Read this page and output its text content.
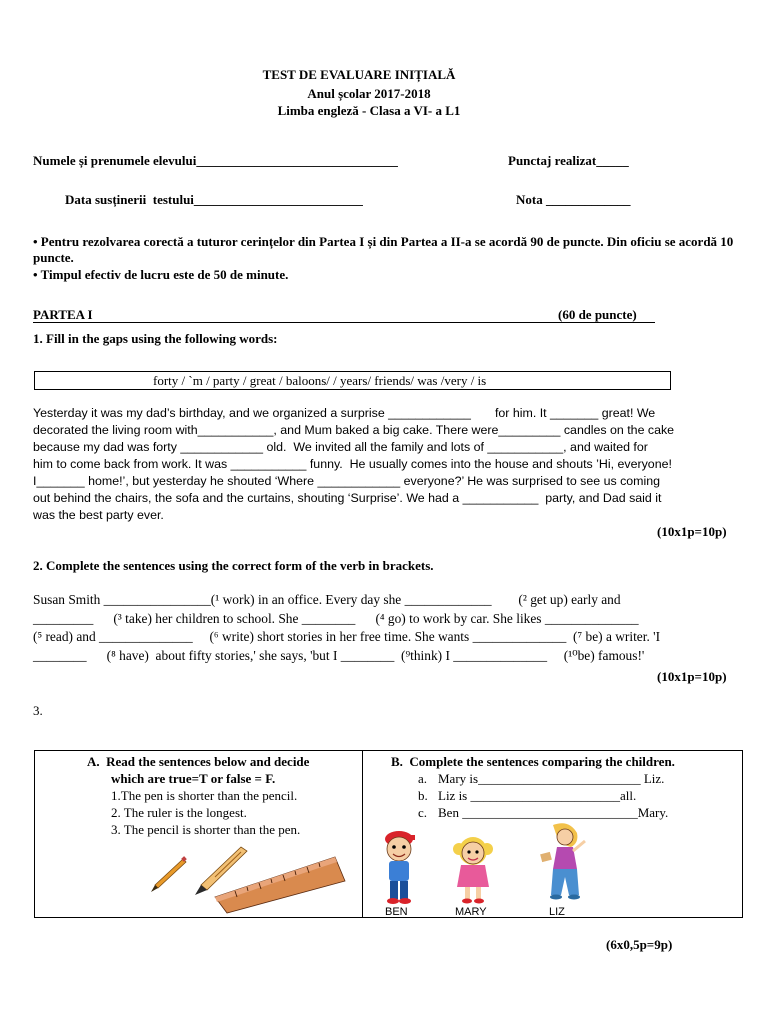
TEST DE EVALUARE INIȚIALĂ
Anul școlar 2017-2018
Limba engleză - Clasa a VI- a L1
Numele și prenumele elevului_______________________________	Punctaj realizat_____
Data susținerii  testului__________________________	Nota _____________
• Pentru rezolvarea corectă a tuturor cerințelor din Partea I și din Partea a II-a se acordă 90 de puncte. Din oficiu se acordă 10 puncte.
• Timpul efectiv de lucru este de 50 de minute.
PARTEA I	(60 de puncte)
1. Fill in the gaps using the following words:
forty / `m / party / great / baloons/ / years/ friends/ was /very / is
Yesterday it was my dad’s birthday, and we organized a surprise ____________       for him. It _______ great! We
decorated the living room with___________, and Mum baked a big cake. There were_________ candles on the cake
because my dad was forty ____________ old.  We invited all the family and lots of ___________, and waited for
him to come back from work. It was ___________ funny.  He usually comes into the house and shouts ’Hi, everyone!
I_______ home!’, but yesterday he shouted ‘Where ____________ everyone?’ He was surprised to see us coming
out behind the chairs, the sofa and the curtains, shouting ‘Surprise’. We had a ___________  party, and Dad said it
was the best party ever.
(10x1p=10p)
2. Complete the sentences using the correct form of the verb in brackets.
Susan Smith ________________(¹ work) in an office. Every day she _____________        (² get up) early and
_________      (³ take) her children to school. She ________      (⁴ go) to work by car. She likes ______________
(⁵ read) and ______________     (⁶ write) short stories in her free time. She wants ______________  (⁷ be) a writer. 'I
________      (⁸ have)  about fifty stories,' she says, 'but I ________  (⁹think) I ______________     (¹⁰be) famous!'
(10x1p=10p)
3.
A.  Read the sentences below and decide
which are true=T or false = F.
1.The pen is shorter than the pencil.
2. The ruler is the longest.
3. The pencil is shorter than the pen.
B.  Complete the sentences comparing the children.
a. Mary is_________________________ Liz.
b. Liz is _______________________all.
c. Ben ___________________________Mary.
BEN	MARY	LIZ
(6x0,5p=9p)
